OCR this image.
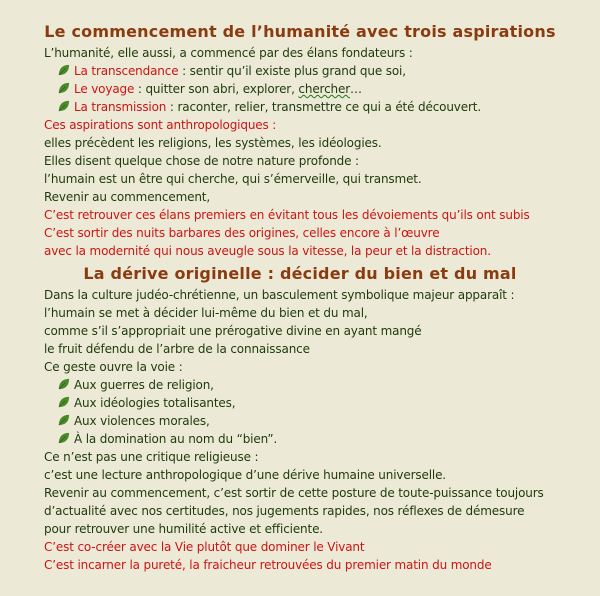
Le commencement de l’humanité avec trois aspirations
L’humanité, elle aussi, a commencé par des élans fondateurs :
La transcendance : sentir qu’il existe plus grand que soi,
Le voyage : quitter son abri, explorer, chercher…
La transmission : raconter, relier, transmettre ce qui a été découvert.
Ces aspirations sont anthropologiques :
elles précèdent les religions, les systèmes, les idéologies.
Elles disent quelque chose de notre nature profonde :
l’humain est un être qui cherche, qui s’émerveille, qui transmet.
Revenir au commencement,
C’est retrouver ces élans premiers en évitant tous les dévoiements qu’ils ont subis
C’est sortir des nuits barbares des origines, celles encore à l’œuvre
avec la modernité qui nous aveugle sous la vitesse, la peur et la distraction.
La dérive originelle : décider du bien et du mal
Dans la culture judéo-chrétienne, un basculement symbolique majeur apparaît :
l’humain se met à décider lui-même du bien et du mal,
comme s’il s’appropriait une prérogative divine en ayant mangé
le fruit défendu de l’arbre de la connaissance
Ce geste ouvre la voie :
Aux guerres de religion,
Aux idéologies totalisantes,
Aux violences morales,
À la domination au nom du “bien”.
Ce n’est pas une critique religieuse :
c’est une lecture anthropologique d’une dérive humaine universelle.
Revenir au commencement, c’est sortir de cette posture de toute-puissance toujours
d’actualité avec nos certitudes, nos jugements rapides, nos réflexes de démesure
pour retrouver une humilité active et efficiente.
C’est co-créer avec la Vie plutôt que dominer le Vivant
C’est incarner la pureté, la fraicheur retrouvées du premier matin du monde
